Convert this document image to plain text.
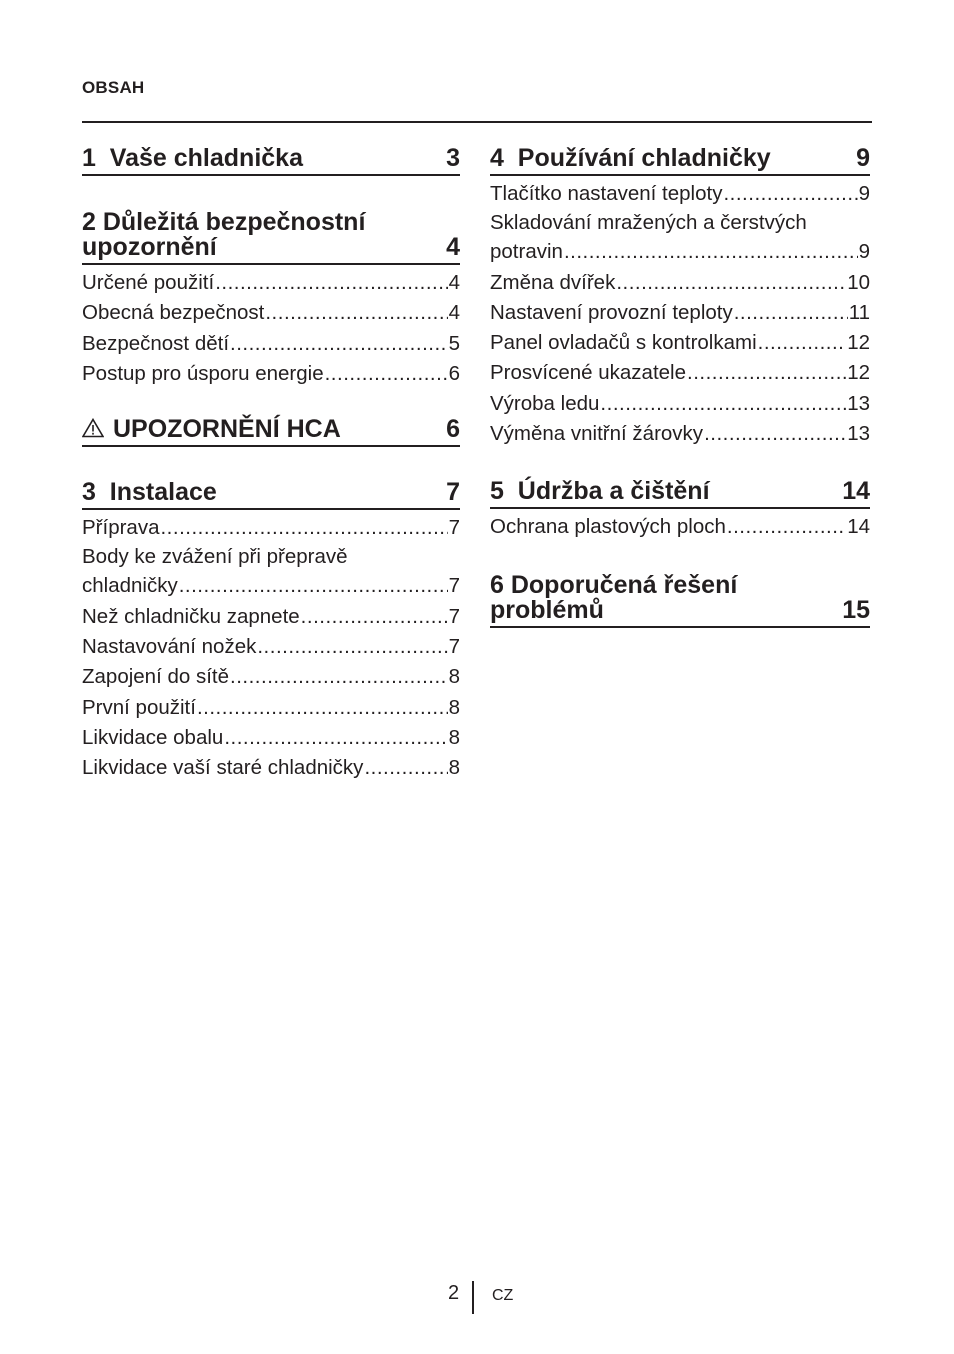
OBSAH
1  Vaše chladnička	3
2 Důležitá bezpečnostní
upozornění	4
Určené použití .....	4
Obecná bezpečnost .....	4
Bezpečnost dětí .....	5
Postup pro úsporu energie .....	6
UPOZORNĚNÍ HCA	6
3  Instalace	7
Příprava .....	7
Body ke zvážení při přepravě
chladničky .....	7
Než chladničku zapnete .....	7
Nastavování nožek .....	7
Zapojení do sítě .....	8
První použití .....	8
Likvidace obalu .....	8
Likvidace vaší staré chladničky .....	8
4  Používání chladničky	9
Tlačítko nastavení teploty .....	9
Skladování mražených a čerstvých
potravin .....	9
Změna dvířek .....	10
Nastavení provozní teploty .....	11
Panel ovladačů s kontrolkami .....	12
Prosvícené ukazatele .....	12
Výroba ledu .....	13
Výměna vnitřní žárovky .....	13
5  Údržba a čištění	14
Ochrana plastových ploch .....	14
6 Doporučená řešení
problémů	15
2 CZ
